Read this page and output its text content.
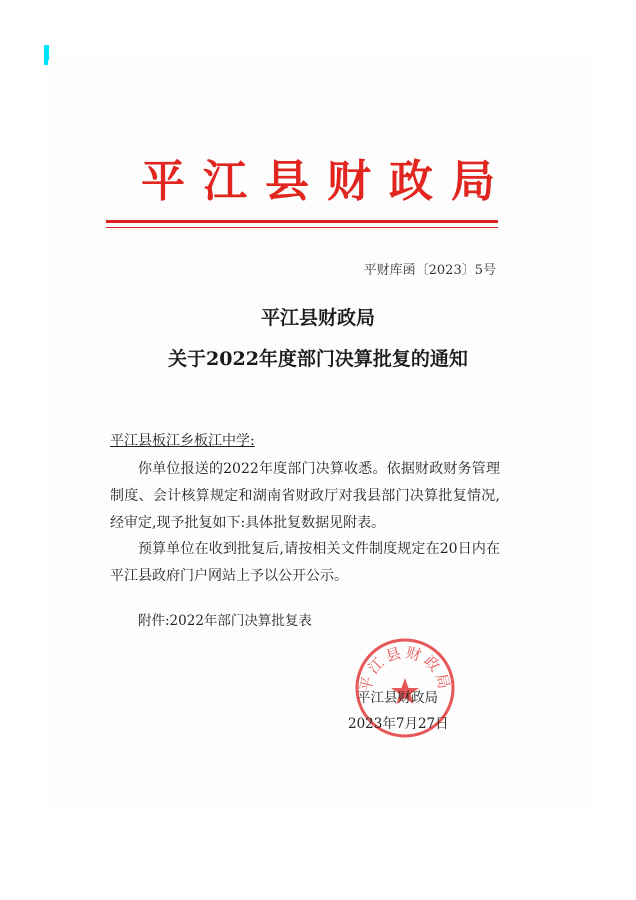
平江县财政局
平财库函〔2023〕5号
平江县财政局
关于2022年度部门决算批复的通知
平江县板江乡板江中学:
你单位报送的2022年度部门决算收悉。依据财政财务管理制度、会计核算规定和湖南省财政厅对我县部门决算批复情况,经审定,现予批复如下:具体批复数据见附表。
预算单位在收到批复后,请按相关文件制度规定在20日内在平江县政府门户网站上予以公开公示。
附件:2022年部门决算批复表
平江县财政局
平江县财政局
2023年7月27日
